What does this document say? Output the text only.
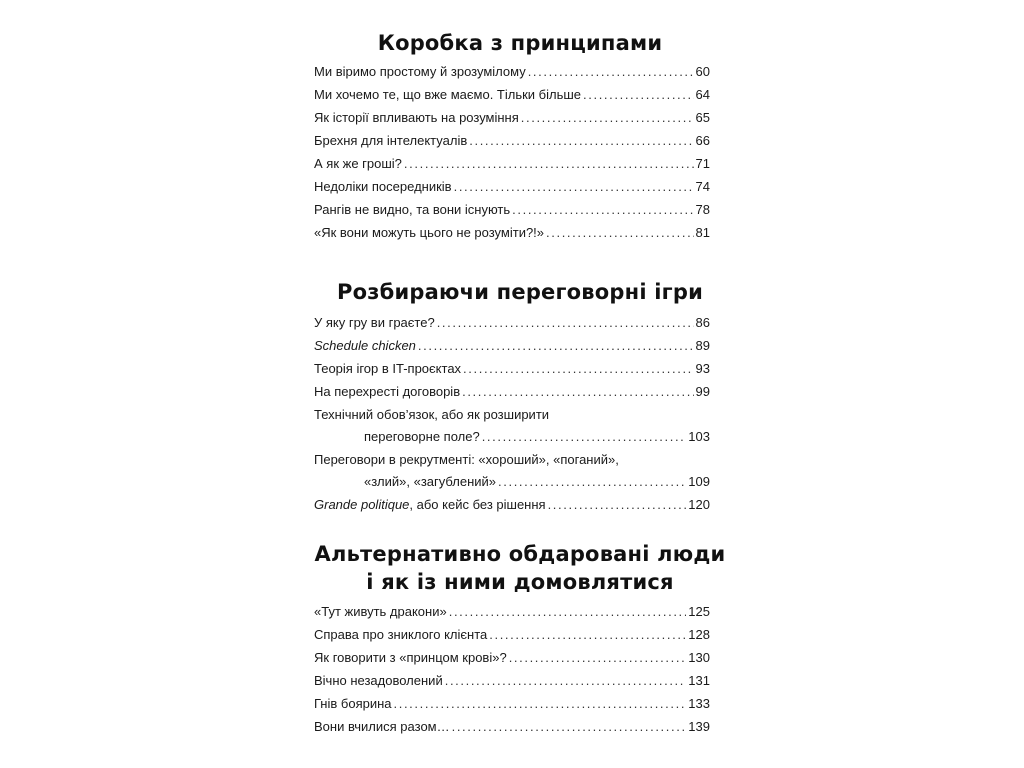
Коробка з принципами
Ми віримо простому й зрозумілому . . .	60
Ми хочемо те, що вже маємо. Тільки більше . . .	64
Як історії впливають на розуміння . . .	65
Брехня для інтелектуалів . . .	66
А як же гроші? . . .	71
Недоліки посередників . . .	74
Рангів не видно, та вони існують . . .	78
«Як вони можуть цього не розуміти?!» . . .	81
Розбираючи переговорні ігри
У яку гру ви граєте? . . .	86
Schedule chicken . . .	89
Теорія ігор в IT-проєктах . . .	93
На перехресті договорів . . .	99
Технічний обов’язок, або як розширити
переговорне поле? . . .	103
Переговори в рекрутменті: «хороший», «поганий»,
«злий», «загублений» . . .	109
Grande politique, або кейс без рішення . . .	120
Альтернативно обдаровані люди
і як із ними домовлятися
«Тут живуть дракони» . . .	125
Справа про зниклого клієнта . . .	128
Як говорити з «принцом крові»? . . .	130
Вічно незадоволений . . .	131
Гнів боярина . . .	133
Вони вчилися разом… . . .	139
